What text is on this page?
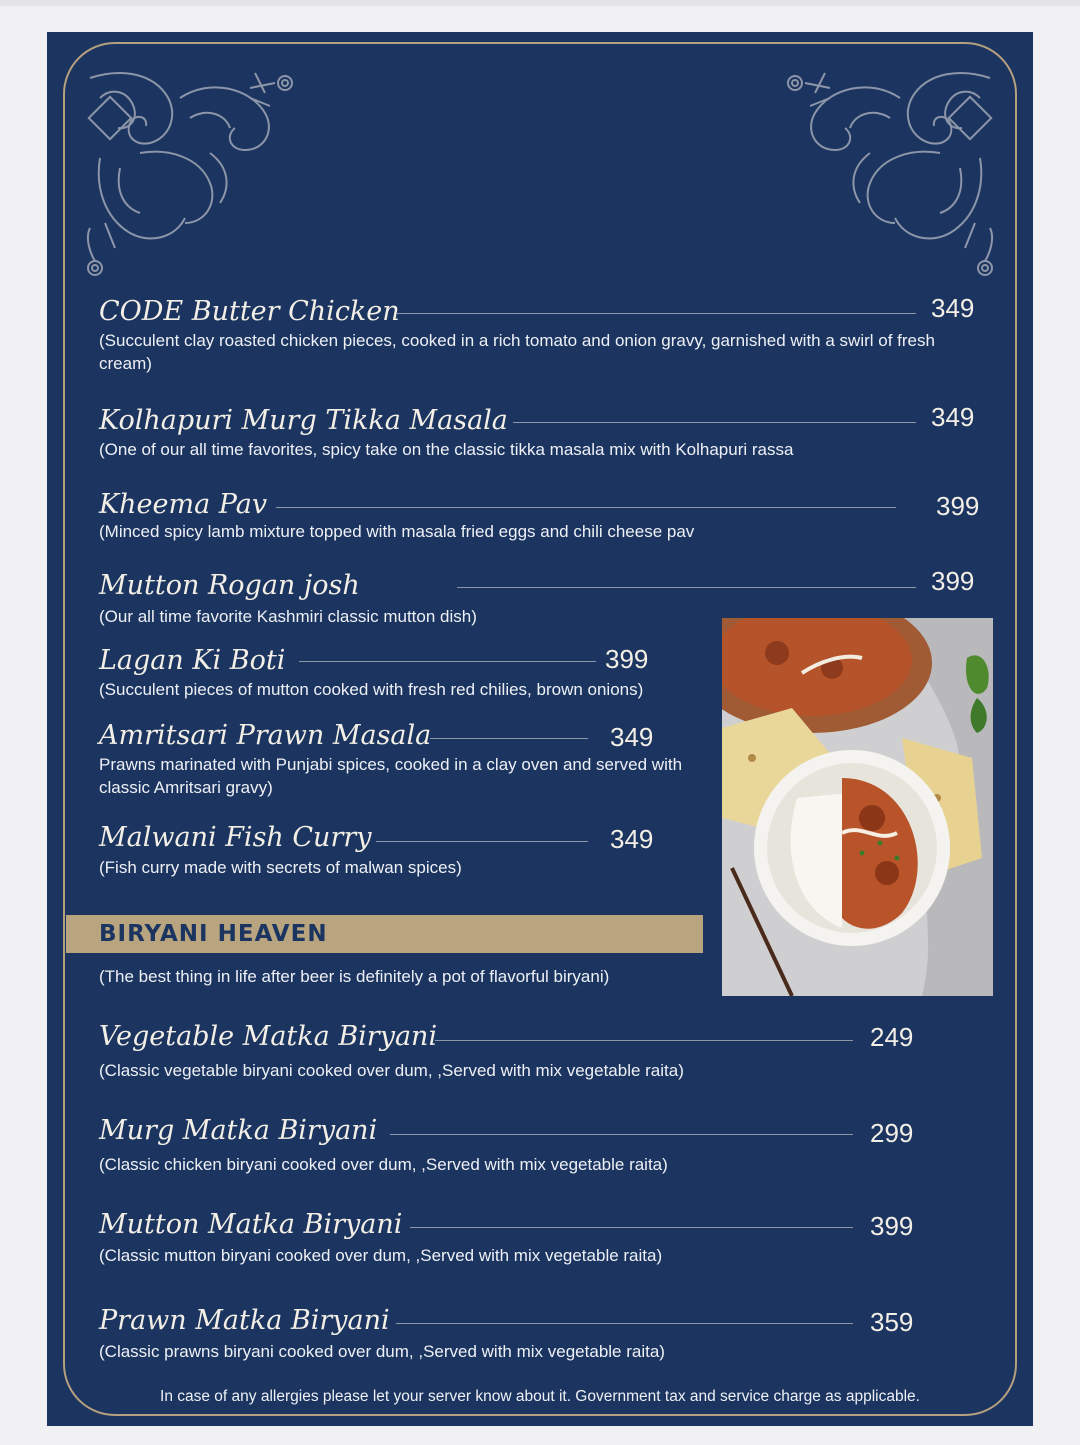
CODE Butter Chicken	349
(Succulent clay roasted chicken pieces, cooked in a rich tomato and onion gravy, garnished with a swirl of fresh cream)
Kolhapuri Murg Tikka Masala	349
(One of our all time favorites, spicy take on the classic tikka masala mix with Kolhapuri rassa
Kheema Pav	399
(Minced spicy lamb mixture topped with masala fried eggs and chili cheese pav
Mutton Rogan josh	399
(Our all time favorite Kashmiri classic mutton dish)
Lagan Ki Boti	399
(Succulent pieces of mutton cooked with fresh red chilies, brown onions)
Amritsari Prawn Masala	349
Prawns marinated with Punjabi spices, cooked in a clay oven and served with classic Amritsari gravy)
Malwani Fish Curry	349
(Fish curry made with secrets of malwan spices)
BIRYANI HEAVEN
(The best thing in life after beer is definitely a pot of flavorful biryani)
Vegetable Matka Biryani	249
(Classic vegetable biryani cooked over dum, ,Served with mix vegetable raita)
Murg Matka Biryani	299
(Classic chicken biryani cooked over dum, ,Served with mix vegetable raita)
Mutton Matka Biryani	399
(Classic mutton biryani cooked over dum, ,Served with mix vegetable raita)
Prawn Matka Biryani	359
(Classic prawns biryani cooked over dum, ,Served with mix vegetable raita)
In case of any allergies please let your server know about it. Government tax and service charge as applicable.
